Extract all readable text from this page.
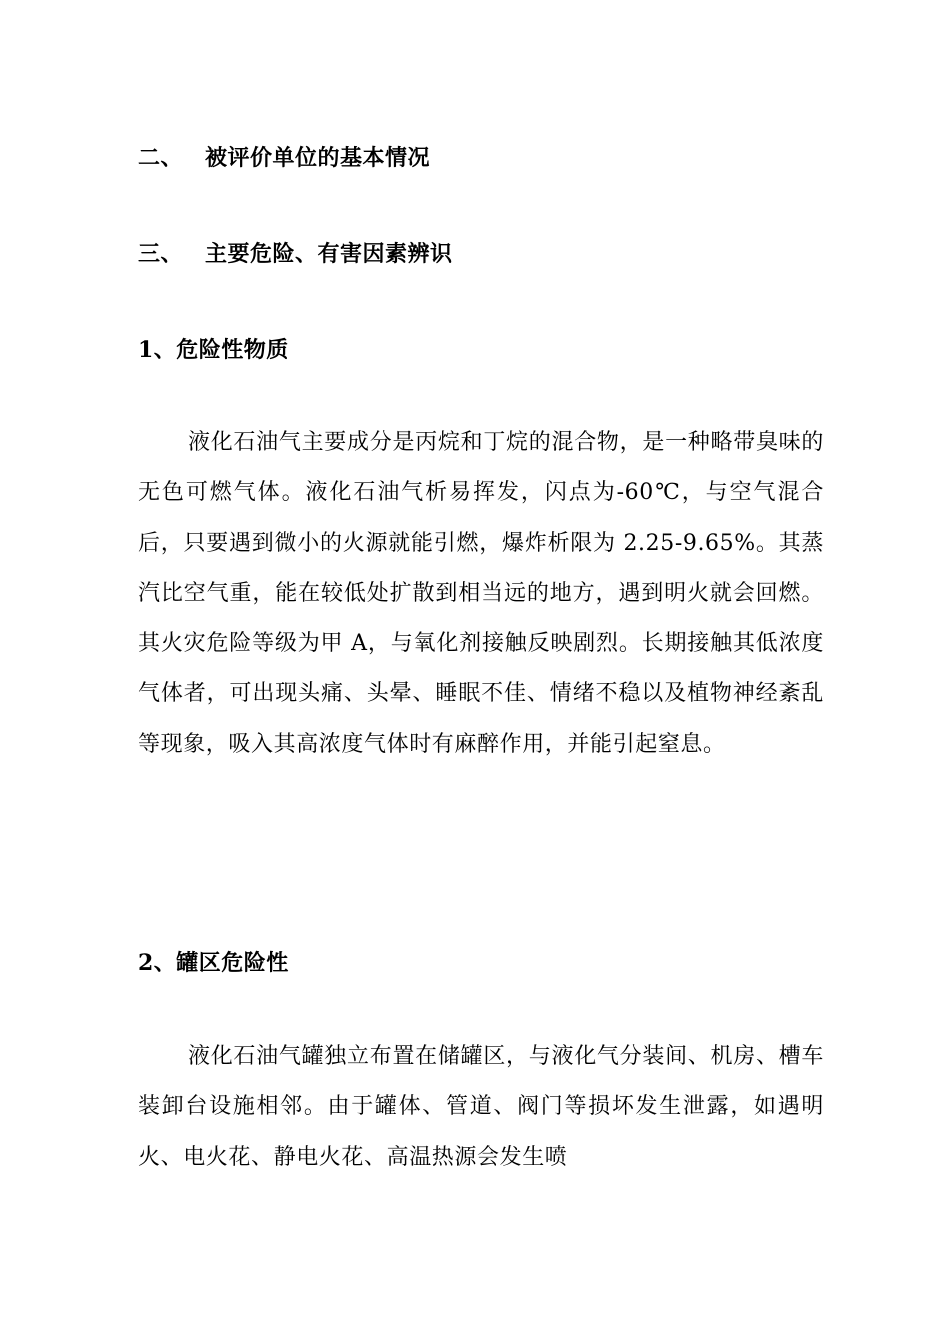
二、 被评价单位的基本情况
三、 主要危险、有害因素辨识
1、危险性物质

液化石油气主要成分是丙烷和丁烷的混合物，是一种略带臭味的无色可燃气体。液化石油气析易挥发，闪点为-60℃，与空气混合后，只要遇到微小的火源就能引燃，爆炸析限为 2.25-9.65%。其蒸汽比空气重，能在较低处扩散到相当远的地方，遇到明火就会回燃。其火灾危险等级为甲 A，与氧化剂接触反映剧烈。长期接触其低浓度气体者，可出现头痛、头晕、睡眠不佳、情绪不稳以及植物神经紊乱等现象，吸入其高浓度气体时有麻醉作用，并能引起窒息。

2、罐区危险性

液化石油气罐独立布置在储罐区，与液化气分装间、机房、槽车装卸台设施相邻。由于罐体、管道、阀门等损坏发生泄露，如遇明火、电火花、静电火花、高温热源会发生喷
